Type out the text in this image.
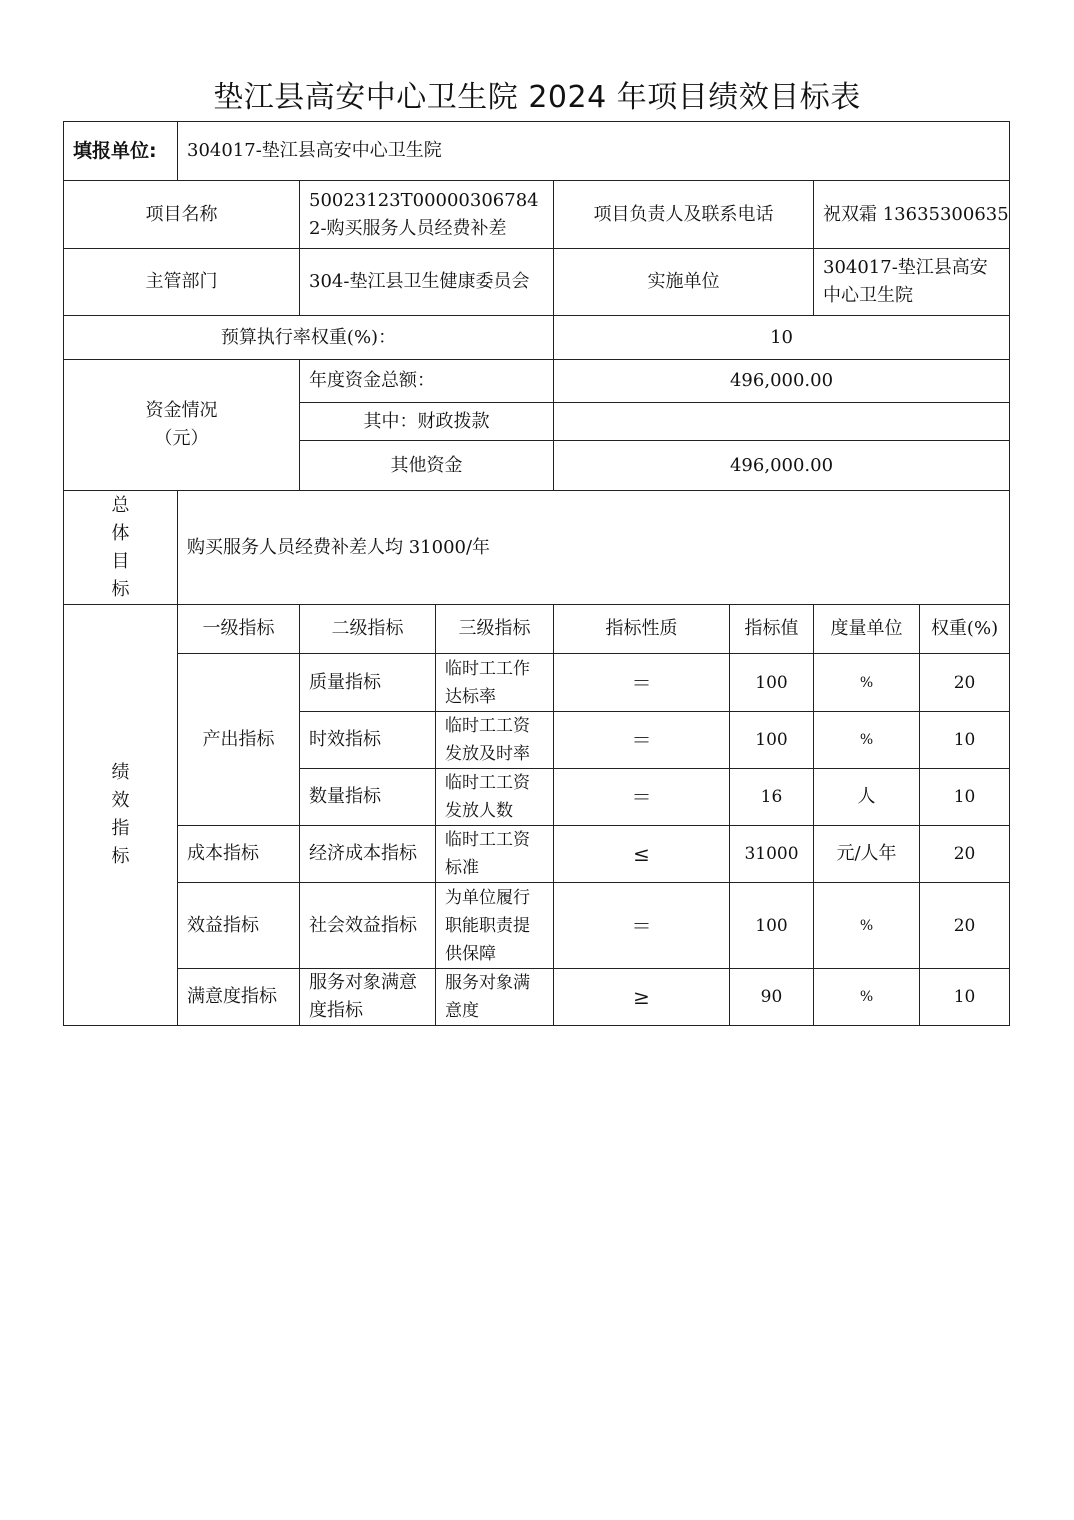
垫江县高安中心卫生院 2024 年项目绩效目标表
填报单位:	304017-垫江县高安中心卫生院						
项目名称		50023123T000003067842-购买服务人员经费补差		项目负责人及联系电话		祝双霜 13635300635	
主管部门		304-垫江县卫生健康委员会		实施单位		304017-垫江县高安中心卫生院	
预算执行率权重(%)：				10			

资金情况
（元）		年度资金总额：		496,000.00			
		其中：财政拨款					
		其他资金		496,000.00			

总体目标	购买服务人员经费补差人均 31000/年						

绩效指标	一级指标	二级指标	三级指标	指标性质	指标值	度量单位	权重(%)
	产出指标	质量指标	临时工工作达标率	＝	100	%	20
		时效指标	临时工工资发放及时率	＝	100	%	10
		数量指标	临时工工资发放人数	＝	16	人	10
	成本指标	经济成本指标	临时工工资标准	≤	31000	元/人年	20
	效益指标	社会效益指标	为单位履行职能职责提供保障	＝	100	%	20
	满意度指标	服务对象满意度指标	服务对象满意度	≥	90	%	10
